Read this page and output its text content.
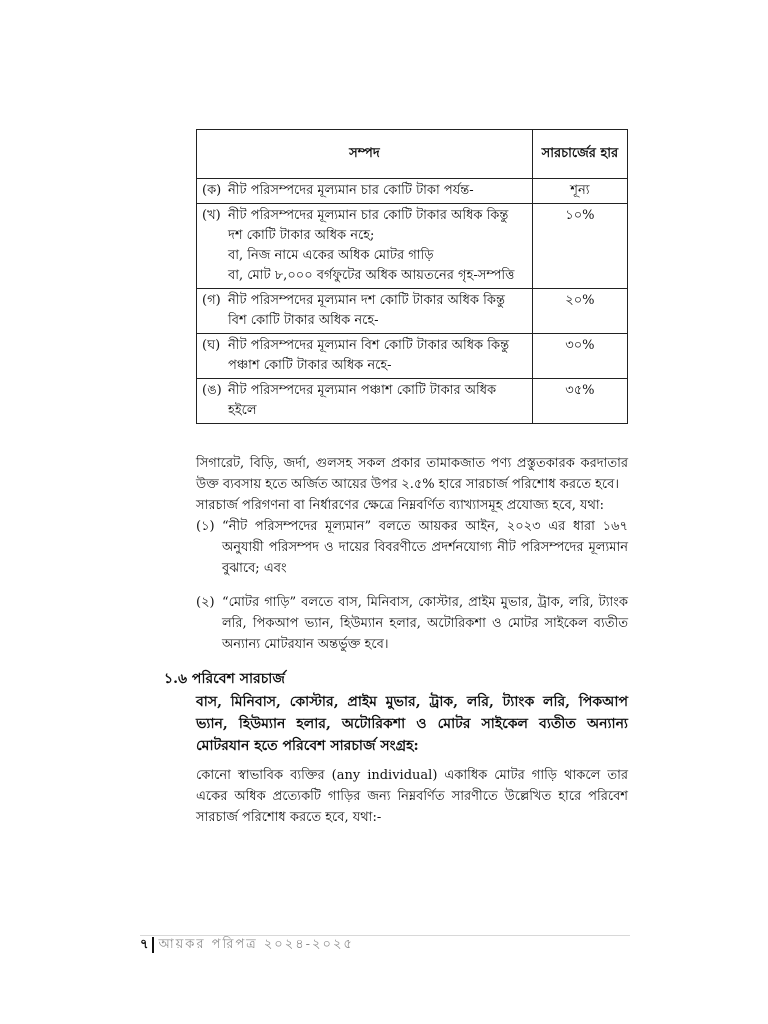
সম্পদ	সারচার্জের হার

(ক) নীট পরিসম্পদের মূল্যমান চার কোটি টাকা পর্যন্ত-	শূন্য

(খ) নীট পরিসম্পদের মূল্যমান চার কোটি টাকার অধিক কিন্তু দশ কোটি টাকার অধিক নহে;
বা, নিজ নামে একের অধিক মোটর গাড়ি
বা, মোট ৮,০০০ বর্গফুটের অধিক আয়তনের গৃহ-সম্পত্তি	১০%

(গ) নীট পরিসম্পদের মূল্যমান দশ কোটি টাকার অধিক কিন্তু বিশ কোটি টাকার অধিক নহে-	২০%

(ঘ) নীট পরিসম্পদের মূল্যমান বিশ কোটি টাকার অধিক কিন্তু পঞ্চাশ কোটি টাকার অধিক নহে-	৩০%

(ঙ) নীট পরিসম্পদের মূল্যমান পঞ্চাশ কোটি টাকার অধিক হইলে	৩৫%

সিগারেট, বিড়ি, জর্দা, গুলসহ সকল প্রকার তামাকজাত পণ্য প্রস্তুতকারক করদাতার উক্ত ব্যবসায় হতে অর্জিত আয়ের উপর ২.৫% হারে সারচার্জ পরিশোধ করতে হবে।

সারচার্জ পরিগণনা বা নির্ধারণের ক্ষেত্রে নিম্নবর্ণিত ব্যাখ্যাসমূহ প্রযোজ্য হবে, যথা:

(১) “নীট পরিসম্পদের মূল্যমান” বলতে আয়কর আইন, ২০২৩ এর ধারা ১৬৭ অনুযায়ী পরিসম্পদ ও দায়ের বিবরণীতে প্রদর্শনযোগ্য নীট পরিসম্পদের মূল্যমান বুঝাবে; এবং
(২) “মোটর গাড়ি” বলতে বাস, মিনিবাস, কোস্টার, প্রাইম মুভার, ট্রাক, লরি, ট্যাংক লরি, পিকআপ ভ্যান, হিউম্যান হলার, অটোরিকশা ও মোটর সাইকেল ব্যতীত অন্যান্য মোটরযান অন্তর্ভুক্ত হবে।
১.৬ পরিবেশ সারচার্জ

বাস, মিনিবাস, কোস্টার, প্রাইম মুভার, ট্রাক, লরি, ট্যাংক লরি, পিকআপ ভ্যান, হিউম্যান হলার, অটোরিকশা ও মোটর সাইকেল ব্যতীত অন্যান্য মোটরযান হতে পরিবেশ সারচার্জ সংগ্রহ:

কোনো স্বাভাবিক ব্যক্তির (any individual) একাধিক মোটর গাড়ি থাকলে তার একের অধিক প্রত্যেকটি গাড়ির জন্য নিম্নবর্ণিত সারণীতে উল্লেখিত হারে পরিবেশ সারচার্জ পরিশোধ করতে হবে, যথা:-

৭ আয়কর পরিপত্র ২০২৪-২০২৫
